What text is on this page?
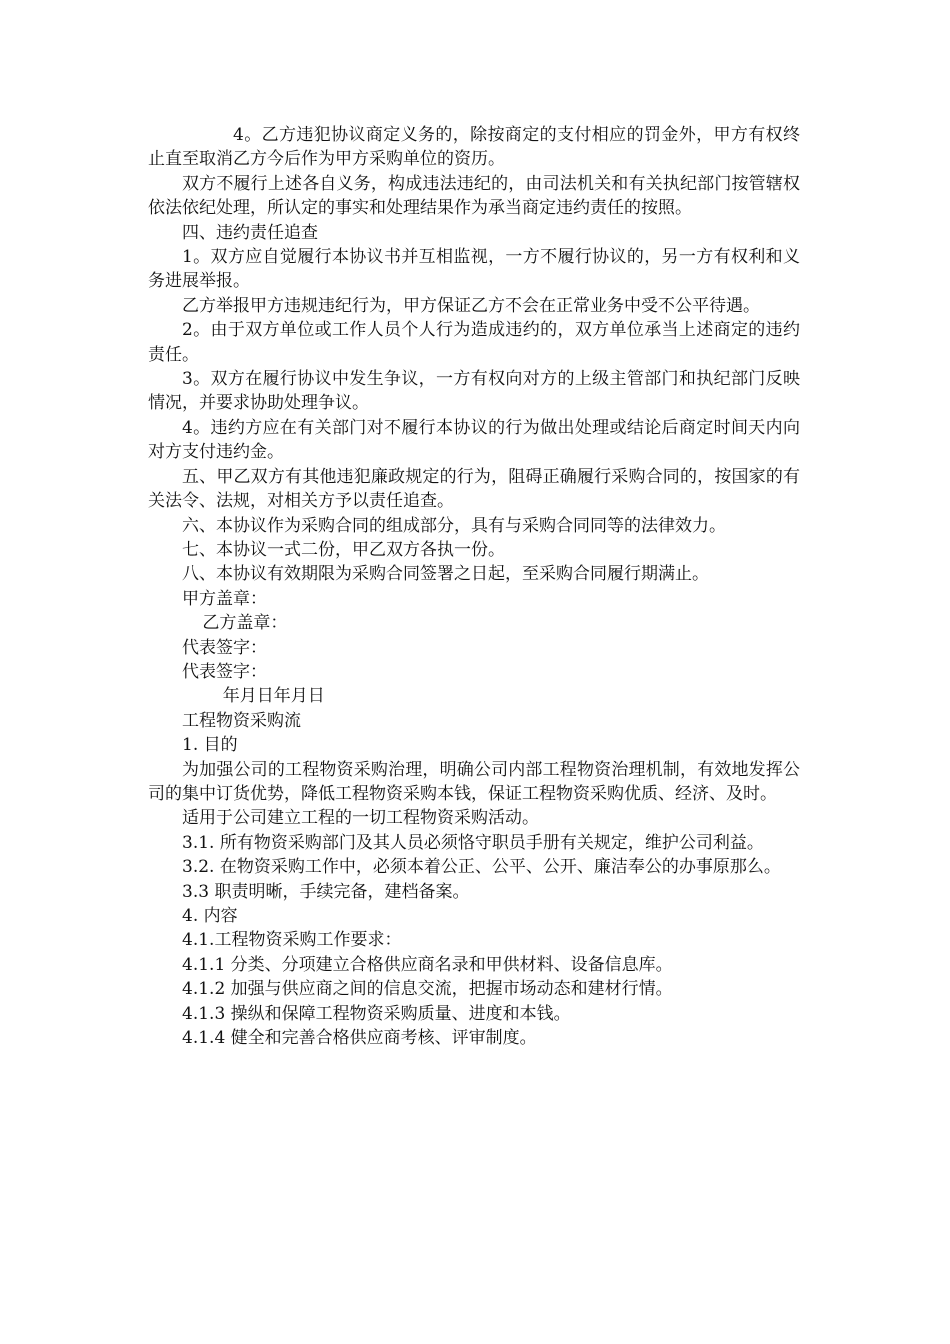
4。乙方违犯协议商定义务的，除按商定的支付相应的罚金外，甲方有权终止直至取消乙方今后作为甲方采购单位的资历。

双方不履行上述各自义务，构成违法违纪的，由司法机关和有关执纪部门按管辖权依法依纪处理，所认定的事实和处理结果作为承当商定违约责任的按照。

四、违约责任追查

1。双方应自觉履行本协议书并互相监视，一方不履行协议的，另一方有权利和义务进展举报。

乙方举报甲方违规违纪行为，甲方保证乙方不会在正常业务中受不公平待遇。

2。由于双方单位或工作人员个人行为造成违约的，双方单位承当上述商定的违约责任。

3。双方在履行协议中发生争议，一方有权向对方的上级主管部门和执纪部门反映情况，并要求协助处理争议。

4。违约方应在有关部门对不履行本协议的行为做出处理或结论后商定时间天内向对方支付违约金。

五、甲乙双方有其他违犯廉政规定的行为，阻碍正确履行采购合同的，按国家的有关法令、法规，对相关方予以责任追查。

六、本协议作为采购合同的组成部分，具有与采购合同同等的法律效力。

七、本协议一式二份，甲乙双方各执一份。

八、本协议有效期限为采购合同签署之日起，至采购合同履行期满止。

甲方盖章：

乙方盖章：

代表签字：

代表签字：

年月日年月日

工程物资采购流

1. 目的

为加强公司的工程物资采购治理，明确公司内部工程物资治理机制，有效地发挥公司的集中订货优势，降低工程物资采购本钱，保证工程物资采购优质、经济、及时。

适用于公司建立工程的一切工程物资采购活动。

3.1. 所有物资采购部门及其人员必须恪守职员手册有关规定，维护公司利益。

3.2. 在物资采购工作中，必须本着公正、公平、公开、廉洁奉公的办事原那么。

3.3 职责明晰，手续完备，建档备案。

4. 内容

4.1.工程物资采购工作要求：

4.1.1 分类、分项建立合格供应商名录和甲供材料、设备信息库。

4.1.2 加强与供应商之间的信息交流，把握市场动态和建材行情。

4.1.3 操纵和保障工程物资采购质量、进度和本钱。

4.1.4 健全和完善合格供应商考核、评审制度。
